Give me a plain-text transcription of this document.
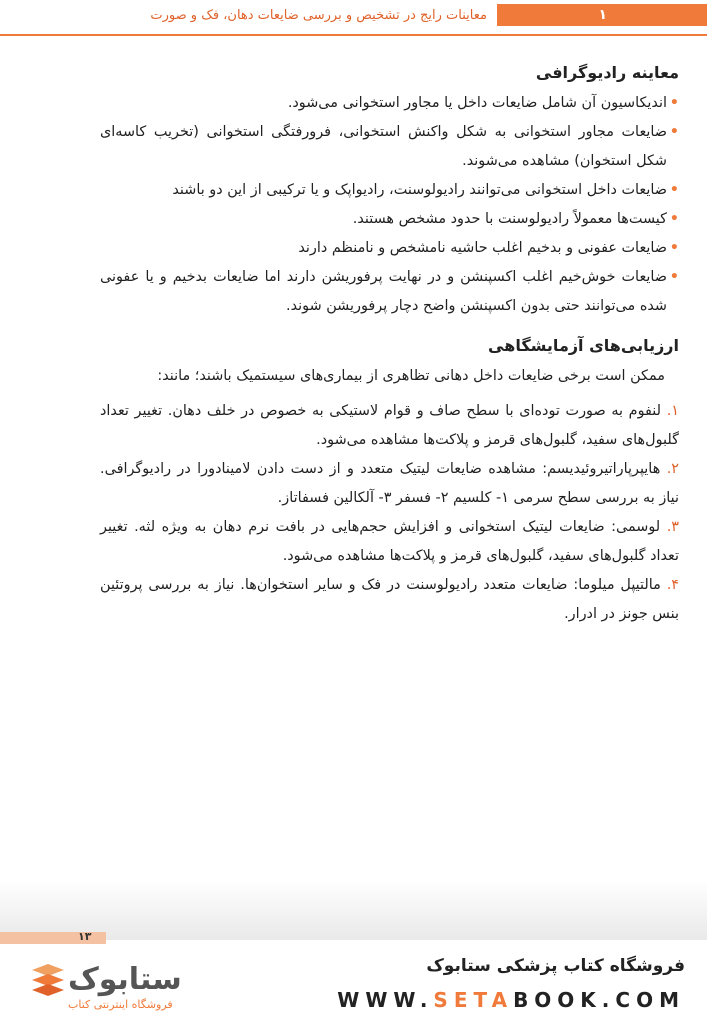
معاینات رایج در تشخیص و بررسی ضایعات دهان، فک و صورت	۱
معاینه رادیوگرافی
• اندیکاسیون آن شامل ضایعات داخل یا مجاور استخوانی می‌شود.
• ضایعات مجاور استخوانی به شکل واکنش استخوانی، فرورفتگی استخوانی (تخریب کاسه‌ای شکل استخوان) مشاهده می‌شوند.
• ضایعات داخل استخوانی می‌توانند رادیولوسنت، رادیواپک و یا ترکیبی از این دو باشند
• کیست‌ها معمولاً رادیولوسنت با حدود مشخص هستند.
• ضایعات عفونی و بدخیم اغلب حاشیه نامشخص و نامنظم دارند
• ضایعات خوش‌خیم اغلب اکسپنشن و در نهایت پرفوریشن دارند اما ضایعات بدخیم و یا عفونی شده می‌توانند حتی بدون اکسپنشن واضح دچار پرفوریشن شوند.
ارزیابی‌های آزمایشگاهی

ممکن است برخی ضایعات داخل دهانی تظاهری از بیماری‌های سیستمیک باشند؛ مانند:

۱. لنفوم به صورت توده‌ای با سطح صاف و قوام لاستیکی به خصوص در خلف دهان. تغییر تعداد گلبول‌های سفید، گلبول‌های قرمز و پلاکت‌ها مشاهده می‌شود.
۲. هایپرپاراتیروئیدیسم: مشاهده ضایعات لیتیک متعدد و از دست دادن لامینادورا در رادیوگرافی. نیاز به بررسی سطح سرمی ۱- کلسیم ۲- فسفر ۳- آلکالین فسفاتاز.
۳. لوسمی: ضایعات لیتیک استخوانی و افزایش حجم‌هایی در بافت نرم دهان به ویژه لثه. تغییر تعداد گلبول‌های سفید، گلبول‌های قرمز و پلاکت‌ها مشاهده می‌شود.
۴. مالتیپل میلوما: ضایعات متعدد رادیولوسنت در فک و سایر استخوان‌ها. نیاز به بررسی پروتئین بنس جونز در ادرار.
۱۳
ستابوک
فروشگاه اینترنتی کتاب
فروشگاه کتاب پزشکی ستابوک
WWW.SETABOOK.COM
